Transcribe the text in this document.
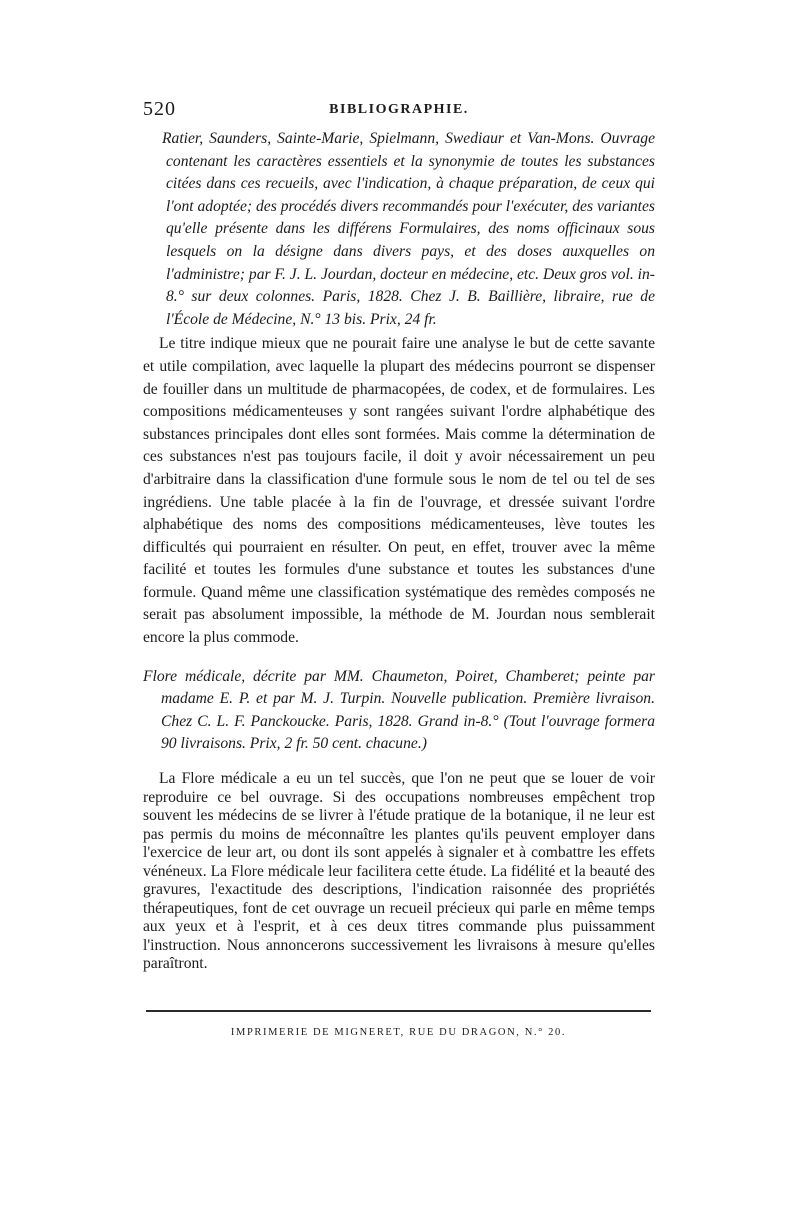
520	BIBLIOGRAPHIE.

Ratier, Saunders, Sainte-Marie, Spielmann, Swediaur et Van-Mons. Ouvrage contenant les caractères essentiels et la synonymie de toutes les substances citées dans ces recueils, avec l'indication, à chaque préparation, de ceux qui l'ont adoptée; des procédés divers recommandés pour l'exécuter, des variantes qu'elle présente dans les différens Formulaires, des noms officinaux sous lesquels on la désigne dans divers pays, et des doses auxquelles on l'administre; par F. J. L. Jourdan, docteur en médecine, etc. Deux gros vol. in-8.° sur deux colonnes. Paris, 1828. Chez J. B. Baillière, libraire, rue de l'École de Médecine, N.° 13 bis. Prix, 24 fr.

Le titre indique mieux que ne pourait faire une analyse le but de cette savante et utile compilation, avec laquelle la plupart des médecins pourront se dispenser de fouiller dans un multitude de pharmacopées, de codex, et de formulaires. Les compositions médicamenteuses y sont rangées suivant l'ordre alphabétique des substances principales dont elles sont formées. Mais comme la détermination de ces substances n'est pas toujours facile, il doit y avoir nécessairement un peu d'arbitraire dans la classification d'une formule sous le nom de tel ou tel de ses ingrédiens. Une table placée à la fin de l'ouvrage, et dressée suivant l'ordre alphabétique des noms des compositions médicamenteuses, lève toutes les difficultés qui pourraient en résulter. On peut, en effet, trouver avec la même facilité et toutes les formules d'une substance et toutes les substances d'une formule. Quand même une classification systématique des remèdes composés ne serait pas absolument impossible, la méthode de M. Jourdan nous semblerait encore la plus commode.

Flore médicale, décrite par MM. Chaumeton, Poiret, Chamberet; peinte par madame E. P. et par M. J. Turpin. Nouvelle publication. Première livraison. Chez C. L. F. Panckoucke. Paris, 1828. Grand in-8.° (Tout l'ouvrage formera 90 livraisons. Prix, 2 fr. 50 cent. chacune.)

La Flore médicale a eu un tel succès, que l'on ne peut que se louer de voir reproduire ce bel ouvrage. Si des occupations nombreuses empêchent trop souvent les médecins de se livrer à l'étude pratique de la botanique, il ne leur est pas permis du moins de méconnaître les plantes qu'ils peuvent employer dans l'exercice de leur art, ou dont ils sont appelés à signaler et à combattre les effets vénéneux. La Flore médicale leur facilitera cette étude. La fidélité et la beauté des gravures, l'exactitude des descriptions, l'indication raisonnée des propriétés thérapeutiques, font de cet ouvrage un recueil précieux qui parle en même temps aux yeux et à l'esprit, et à ces deux titres commande plus puissamment l'instruction. Nous annoncerons successivement les livraisons à mesure qu'elles paraîtront.

IMPRIMERIE DE MIGNERET, RUE DU DRAGON, N.° 20.
